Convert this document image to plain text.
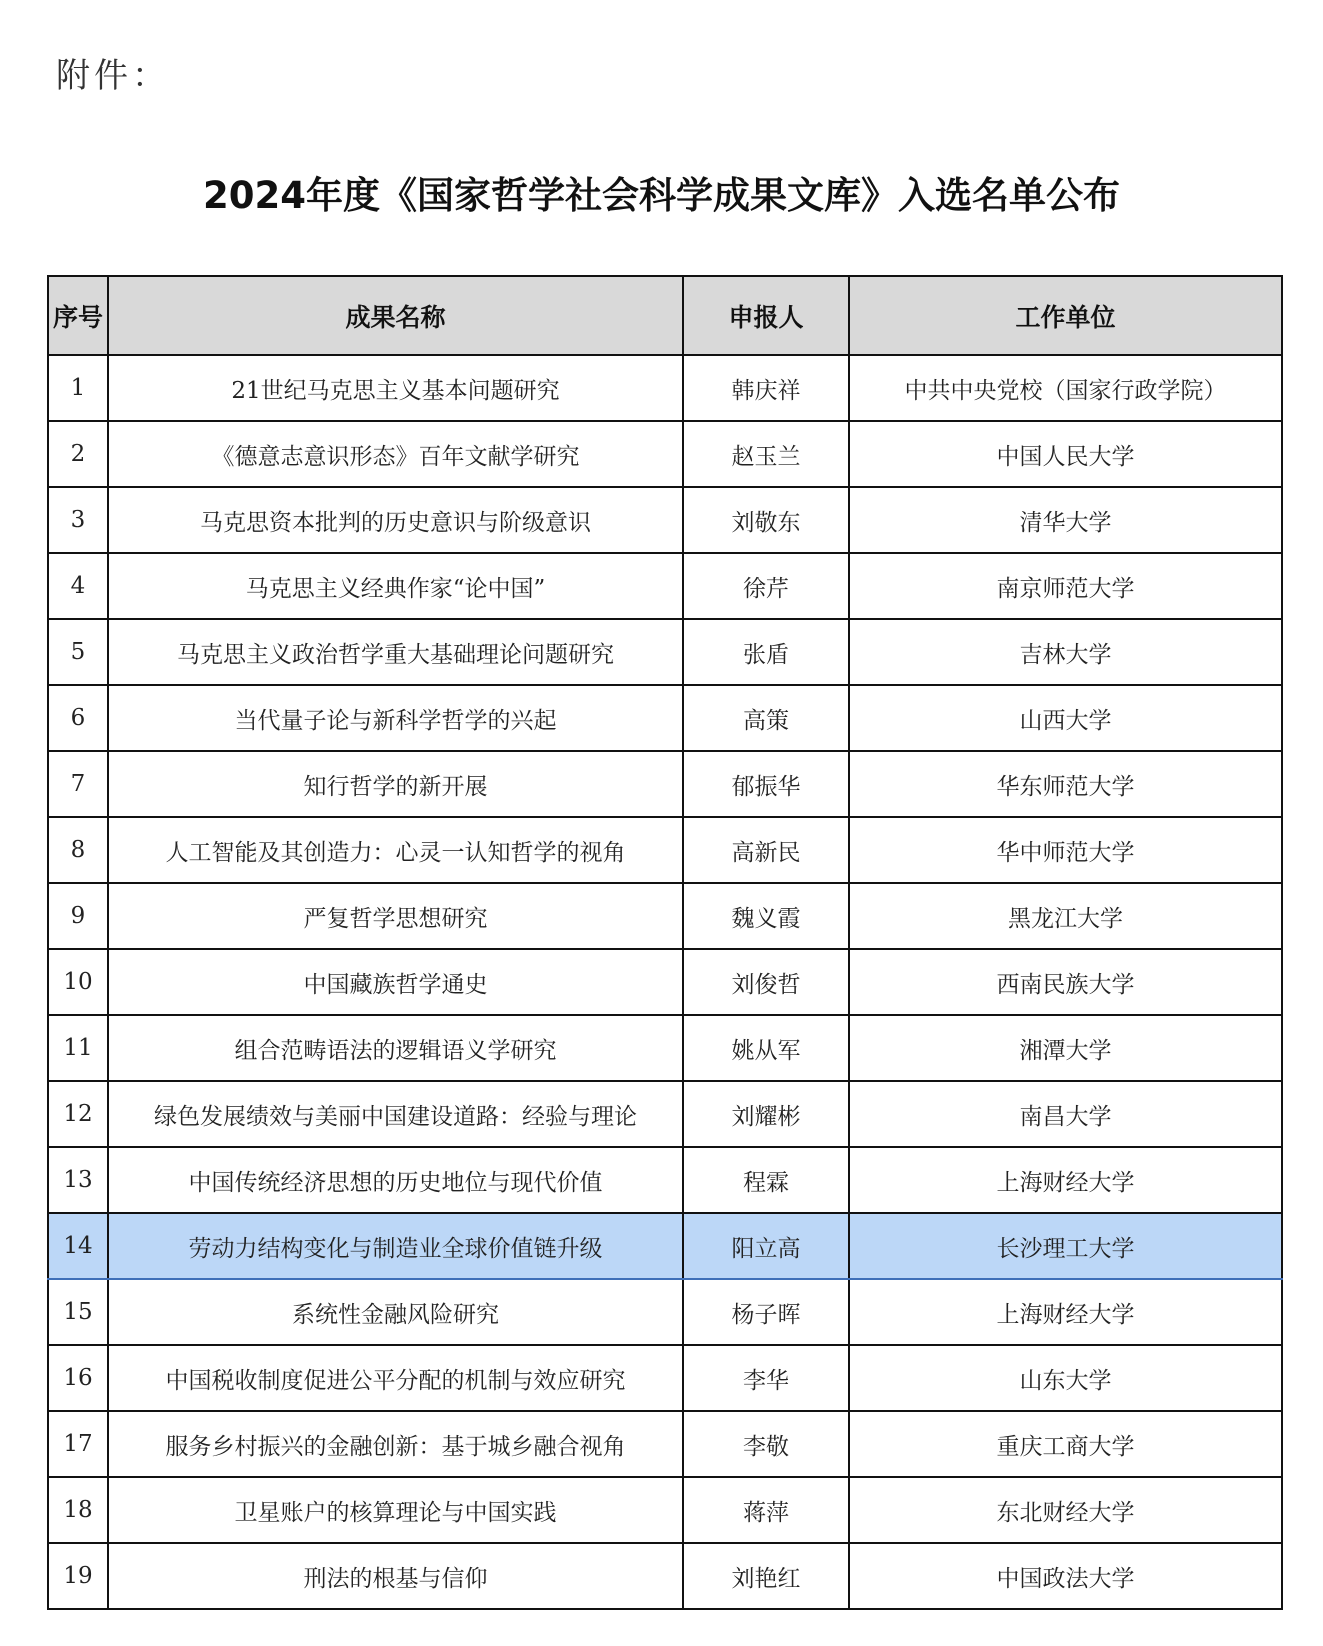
附件：
2024年度《国家哲学社会科学成果文库》入选名单公布
序号	成果名称	申报人	工作单位
1	21世纪马克思主义基本问题研究	韩庆祥	中共中央党校（国家行政学院）
2	《德意志意识形态》百年文献学研究	赵玉兰	中国人民大学
3	马克思资本批判的历史意识与阶级意识	刘敬东	清华大学
4	马克思主义经典作家“论中国”	徐芹	南京师范大学
5	马克思主义政治哲学重大基础理论问题研究	张盾	吉林大学
6	当代量子论与新科学哲学的兴起	高策	山西大学
7	知行哲学的新开展	郁振华	华东师范大学
8	人工智能及其创造力：心灵一认知哲学的视角	高新民	华中师范大学
9	严复哲学思想研究	魏义霞	黑龙江大学
10	中国藏族哲学通史	刘俊哲	西南民族大学
11	组合范畴语法的逻辑语义学研究	姚从军	湘潭大学
12	绿色发展绩效与美丽中国建设道路：经验与理论	刘耀彬	南昌大学
13	中国传统经济思想的历史地位与现代价值	程霖	上海财经大学
14	劳动力结构变化与制造业全球价值链升级	阳立高	长沙理工大学
15	系统性金融风险研究	杨子晖	上海财经大学
16	中国税收制度促进公平分配的机制与效应研究	李华	山东大学
17	服务乡村振兴的金融创新：基于城乡融合视角	李敬	重庆工商大学
18	卫星账户的核算理论与中国实践	蒋萍	东北财经大学
19	刑法的根基与信仰	刘艳红	中国政法大学
